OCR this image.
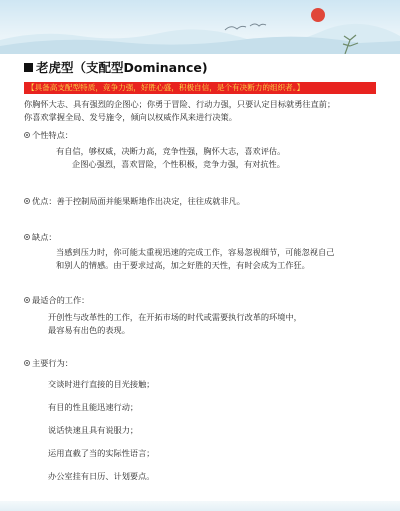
老虎型（支配型Dominance)
【具备高支配型特质，竞争力强，好胜心盛，积极自信，是个有决断力的组织者。】
你胸怀大志、具有强烈的企图心；你勇于冒险、行动力强，只要认定目标就勇往直前；
你喜欢掌握全局、发号施令，倾向以权威作风来进行决策。
个性特点：
有自信，够权威，决断力高，竞争性强，胸怀大志，喜欢评估。
企图心强烈，喜欢冒险，个性积极，竞争力强，有对抗性。
优点：善于控制局面并能果断地作出决定，往往成就非凡。
缺点：
当感到压力时，你可能太重视迅速的完成工作，容易忽视细节，可能忽视自己
和别人的情感。由于要求过高，加之好胜的天性，有时会成为工作狂。
最适合的工作：
开创性与改革性的工作，在开拓市场的时代或需要执行改革的环境中，
最容易有出色的表现。
主要行为：
交谈时进行直接的目光接触；
有目的性且能迅速行动；
说话快速且具有说服力；
运用直截了当的实际性语言；
办公室挂有日历、计划要点。
